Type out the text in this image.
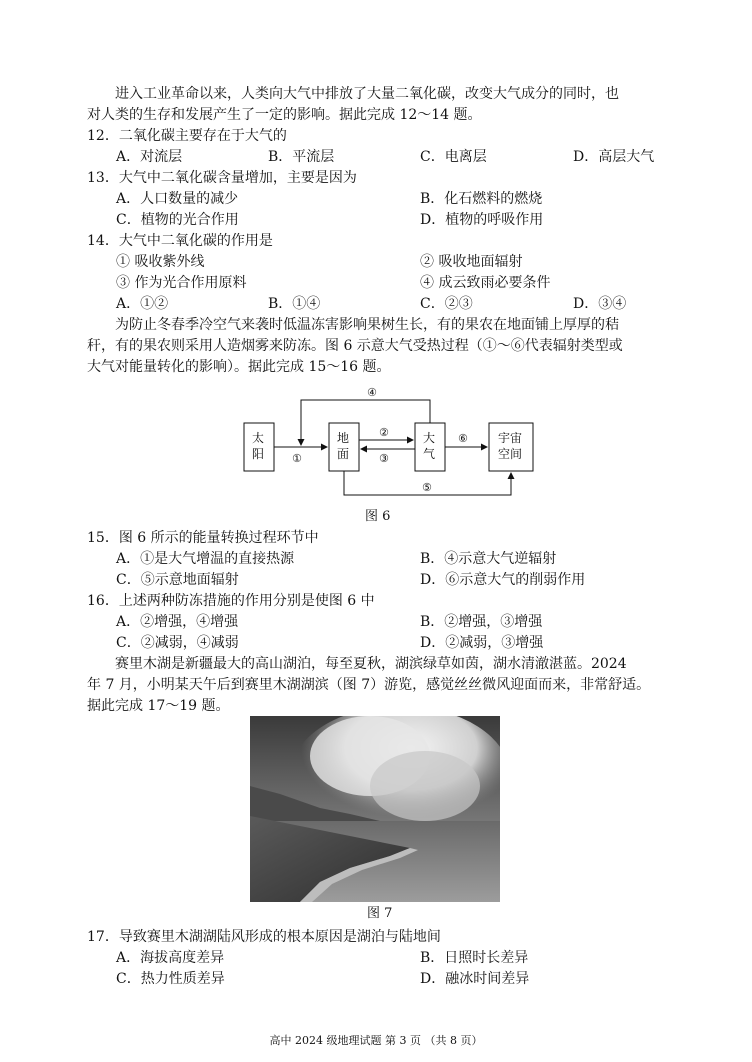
进入工业革命以来，人类向大气中排放了大量二氧化碳，改变大气成分的同时，也
对人类的生存和发展产生了一定的影响。据此完成 12～14 题。
12．二氧化碳主要存在于大气的
A．对流层	B．平流层	C．电离层	D．高层大气
13．大气中二氧化碳含量增加，主要是因为
A．人口数量的减少	B．化石燃料的燃烧
C．植物的光合作用	D．植物的呼吸作用
14．大气中二氧化碳的作用是
① 吸收紫外线	② 吸收地面辐射
③ 作为光合作用原料	④ 成云致雨必要条件
A．①②	B．①④	C．②③	D．③④
为防止冬春季冷空气来袭时低温冻害影响果树生长，有的果农在地面铺上厚厚的秸
秆，有的果农则采用人造烟雾来防冻。图 6 示意大气受热过程（①～⑥代表辐射类型或
大气对能量转化的影响）。据此完成 15～16 题。
太
阳
地
面
大
气
宇宙
空间
①
②
③
④
⑤
⑥
图 6
15．图 6 所示的能量转换过程环节中
A．①是大气增温的直接热源	B．④示意大气逆辐射
C．⑤示意地面辐射	D．⑥示意大气的削弱作用
16．上述两种防冻措施的作用分别是使图 6 中
A．②增强，④增强	B．②增强，③增强
C．②减弱，④减弱	D．②减弱，③增强
赛里木湖是新疆最大的高山湖泊，每至夏秋，湖滨绿草如茵，湖水清澈湛蓝。2024
年 7 月，小明某天午后到赛里木湖湖滨（图 7）游览，感觉丝丝微风迎面而来，非常舒适。
据此完成 17～19 题。
图 7
17．导致赛里木湖湖陆风形成的根本原因是湖泊与陆地间
A．海拔高度差异	B．日照时长差异
C．热力性质差异	D．融冰时间差异
高中 2024 级地理试题 第 3 页 （共 8 页）
